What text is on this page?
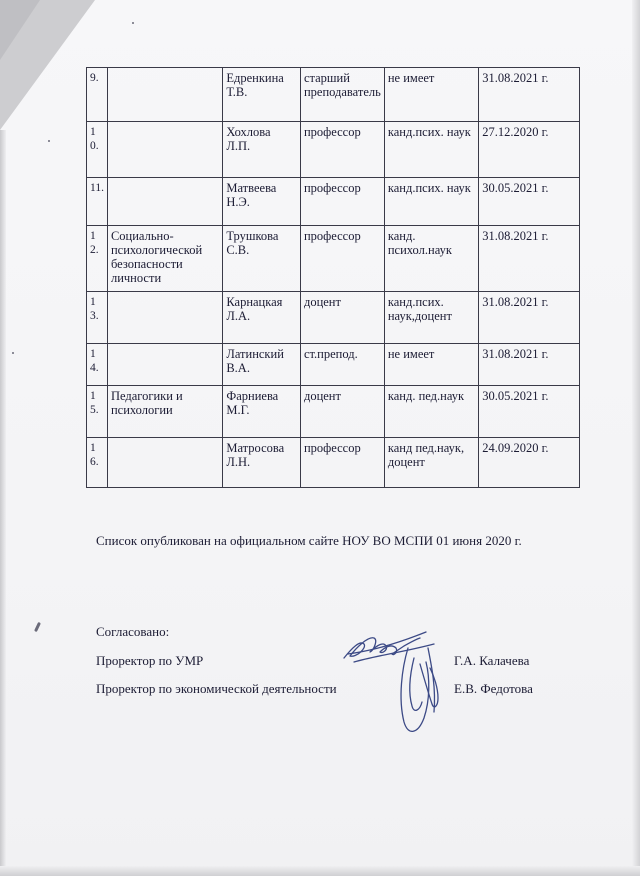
9.		Едренкина Т.В.	старший преподаватель	не имеет	31.08.2021 г.
10.		Хохлова Л.П.	профессор	канд.псих. наук	27.12.2020 г.
11.		Матвеева Н.Э.	профессор	канд.псих. наук	30.05.2021 г.
12.	Социально-психологической безопасности личности	Трушкова С.В.	профессор	канд. психол.наук	31.08.2021 г.
13.		Карнацкая Л.А.	доцент	канд.псих. наук,доцент	31.08.2021 г.
14.		Латинский В.А.	ст.препод.	не имеет	31.08.2021 г.
15.	Педагогики и психологии	Фарниева М.Г.	доцент	канд. пед.наук	30.05.2021 г.
16.		Матросова Л.Н.	профессор	канд пед.наук, доцент	24.09.2020 г.
Список опубликован на официальном сайте НОУ ВО МСПИ 01 июня 2020 г.
Согласовано:
Проректор по УМР	Г.А. Калачева
Проректор по экономической деятельности	Е.В. Федотова
